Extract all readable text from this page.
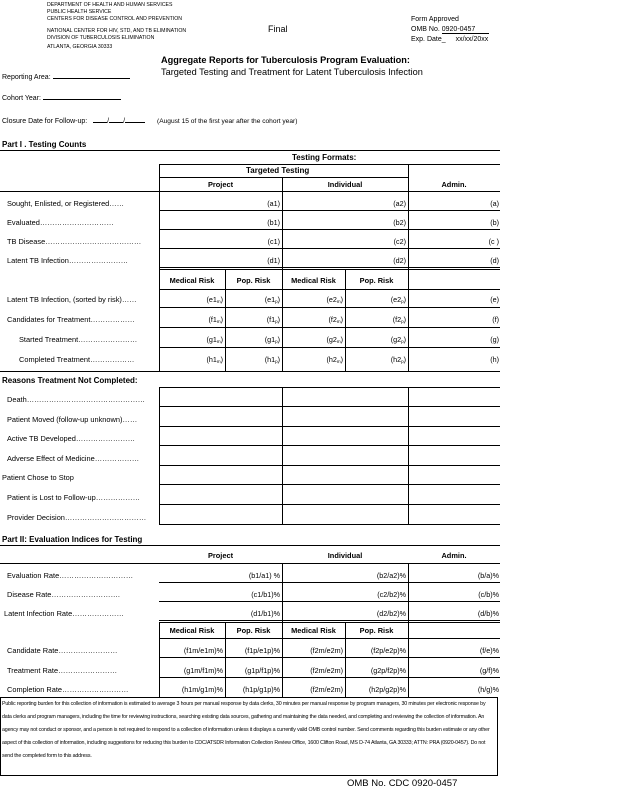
DEPARTMENT OF HEALTH AND HUMAN SERVICES
PUBLIC HEALTH SERVICE
CENTERS FOR DISEASE CONTROL AND PREVENTION
NATIONAL CENTER FOR HIV, STD, AND TB ELIMINATION
DIVISION OF TUBERCULOSIS ELIMINATION
ATLANTA, GEORGIA 30333
Final
Form Approved
OMB No. 0920-0457
Exp. Date_ xx/xx/20xx
Aggregate Reports for Tuberculosis Program Evaluation:
Targeted Testing and Treatment for Latent Tuberculosis Infection
Reporting Area:
Cohort Year:
Closure Date for Follow-up:	/ /	(August 15 of the first year after the cohort year)
Part I . Testing Counts
Testing Formats:
Targeted Testing
Project	Individual	Admin.
Sought, Enlisted, or Registered……	(a1)	(a2)	(a)
Evaluated…………………………	(b1)	(b2)	(b)
TB Disease…………………………………	(c1)	(c2)	(c )
Latent TB Infection……………………	(d1)	(d2)	(d)
Medical Risk	Pop. Risk	Medical Risk	Pop. Risk
Latent TB Infection, (sorted by risk)……	$(e1_m)$	$(e1_p)$	$(e2_m)$	$(e2_p)$	(e)
Candidates for Treatment………………	$(f1_m)$	$(f1_p)$	$(f2_m)$	$(f2_p)$	(f)
Started Treatment……………………	$(g1_m)$	$(g1_p)$	$(g2_m)$	$(g2_p)$	(g)
Completed Treatment………………	$(h1_m)$	$(h1_p)$	$(h2_m)$	$(h2_p)$	(h)
Reasons Treatment Not Completed:
Death…………………………………………
Patient Moved (follow-up unknown)……
Active TB Developed……………………
Adverse Effect of Medicine………………
Patient Chose to Stop
Patient is Lost to Follow-up………………
Provider Decision……………………………
Part II: Evaluation Indices for Testing
Project	Individual	Admin.
Evaluation Rate…………………………	(b1/a1) %	(b2/a2)%	(b/a)%
Disease Rate……………………….	(c1/b1)%	(c2/b2)%	(c/b)%
Latent Infection Rate…………………	(d1/b1)%	(d2/b2)%	(d/b)%
Medical Risk	Pop. Risk	Medical Risk	Pop. Risk
Candidate Rate……………………	(f1m/e1m)%	(f1p/e1p)%	(f2m/e2m)	(f2p/e2p)%	(f/e)%
Treatment Rate……………………	(g1m/f1m)%	(g1p/f1p)%	(f2m/e2m)	(g2p/f2p)%	(g/f)%
Completion Rate………………………	(h1m/g1m)%	(h1p/g1p)%	(f2m/e2m)	(h2p/g2p)%	(h/g)%
Public reporting burden for this collection of information is estimated to average 3 hours per manual response by data clerks, 30 minutes per manual response by program managers, 30 minutes per electronic response by data clerks and program managers, including the time for reviewing instructions, searching existing data sources, gathering and maintaining the data needed, and completing and reviewing the collection of information. An agency may not conduct or sponsor, and a person is not required to respond to a collection of information unless it displays a currently valid OMB control number. Send comments regarding this burden estimate or any other aspect of this collection of information, including suggestions for reducing this burden to CDC/ATSDR Information Collection Review Office, 1600 Clifton Road, MS D-74 Atlanta, GA 30333; ATTN: PRA (0920-0457). Do not send the completed form to this address.
OMB No. CDC 0920-0457
